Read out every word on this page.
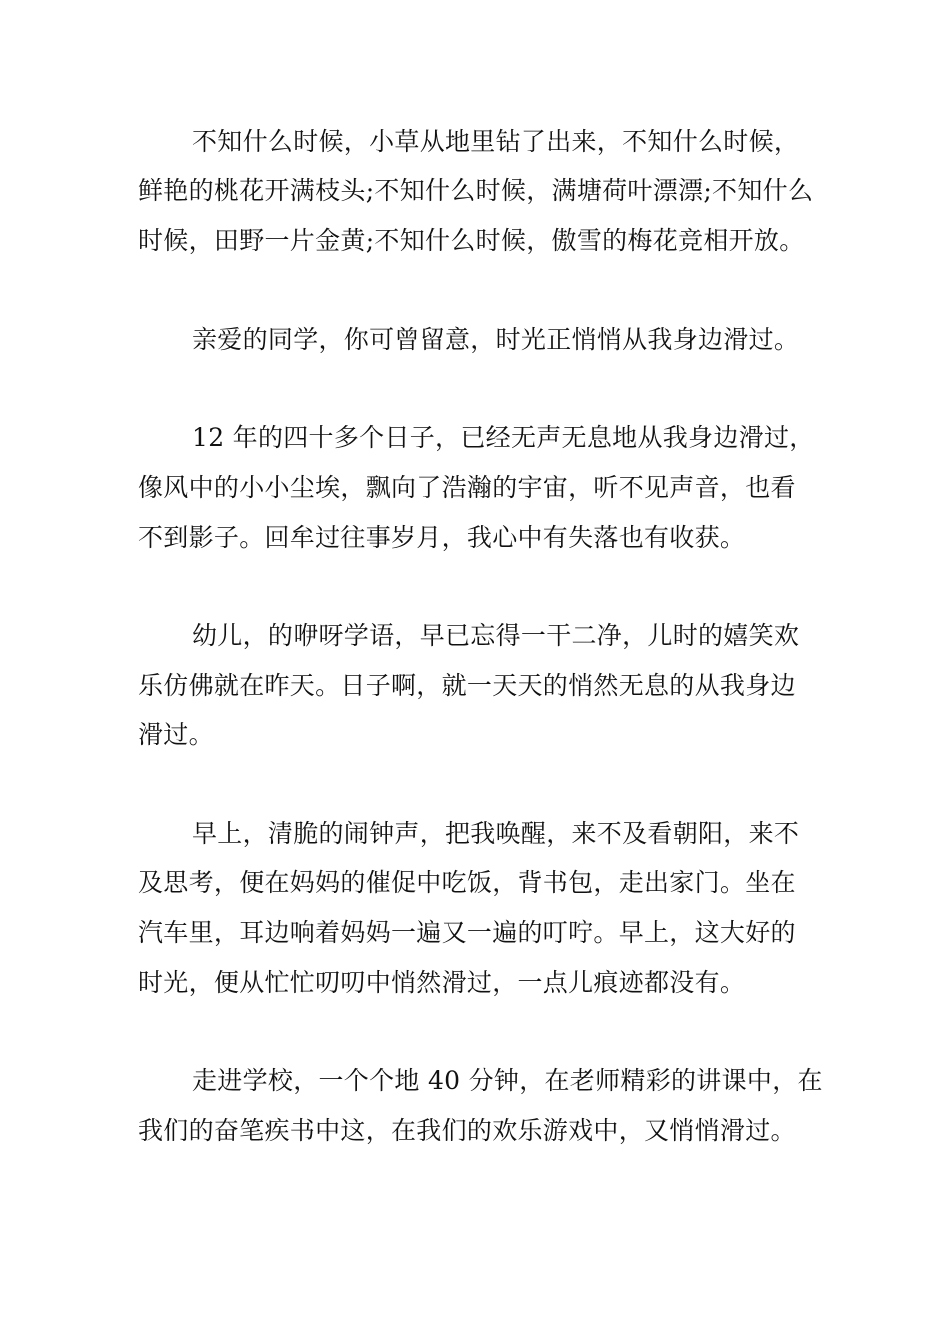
不知什么时候，小草从地里钻了出来，不知什么时候，

鲜艳的桃花开满枝头;不知什么时候，满塘荷叶漂漂;不知什么

时候，田野一片金黄;不知什么时候，傲雪的梅花竞相开放。

亲爱的同学，你可曾留意，时光正悄悄从我身边滑过。

12 年的四十多个日子，已经无声无息地从我身边滑过，

像风中的小小尘埃，飘向了浩瀚的宇宙，听不见声音，也看

不到影子。回牟过往事岁月，我心中有失落也有收获。

幼儿，的咿呀学语，早已忘得一干二净，儿时的嬉笑欢

乐仿佛就在昨天。日子啊，就一天天的悄然无息的从我身边

滑过。

早上，清脆的闹钟声，把我唤醒，来不及看朝阳，来不

及思考，便在妈妈的催促中吃饭，背书包，走出家门。坐在

汽车里，耳边响着妈妈一遍又一遍的叮咛。早上，这大好的

时光，便从忙忙叨叨中悄然滑过，一点儿痕迹都没有。

走进学校，一个个地 40 分钟，在老师精彩的讲课中，在

我们的奋笔疾书中这，在我们的欢乐游戏中，又悄悄滑过。
